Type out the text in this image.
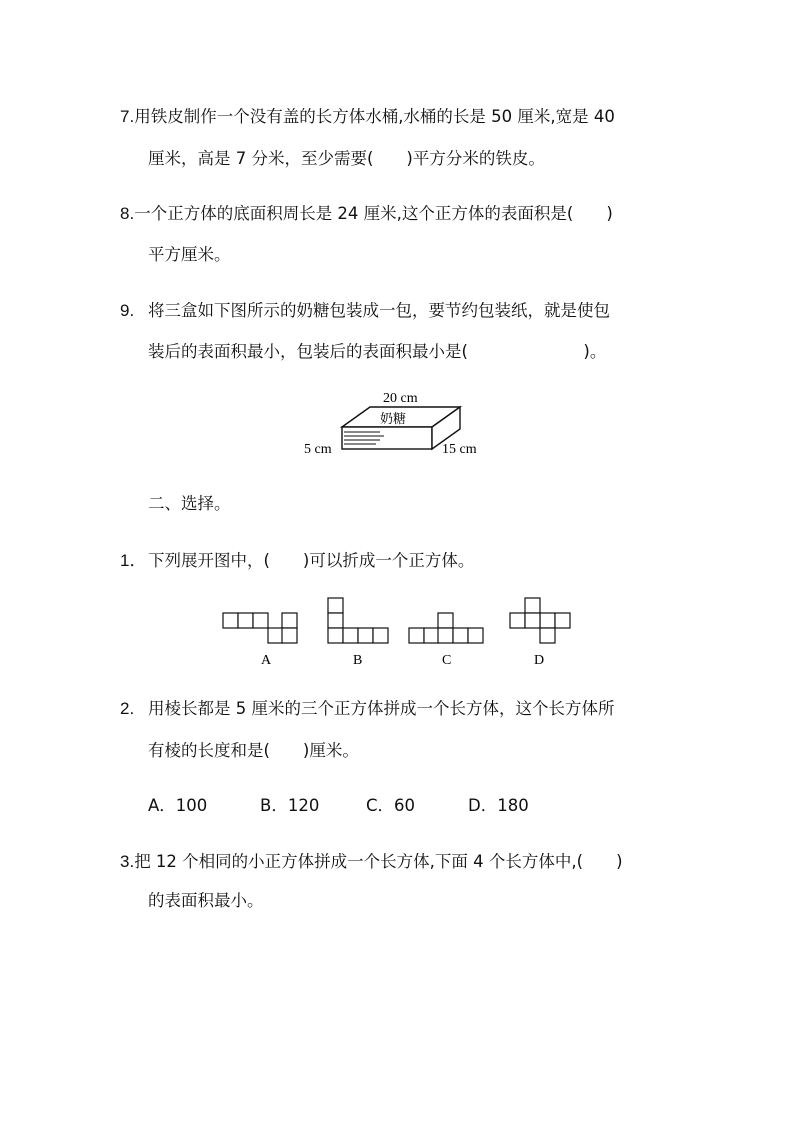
7.用铁皮制作一个没有盖的长方体水桶,水桶的长是 50 厘米,宽是 40
厘米，高是 7 分米，至少需要(　　)平方分米的铁皮。
8.一个正方体的底面积周长是 24 厘米,这个正方体的表面积是(　　)
平方厘米。
9. 将三盒如下图所示的奶糖包装成一包，要节约包装纸，就是使包
装后的表面积最小，包装后的表面积最小是(　　　　　　　)。
20 cm
奶糖
5 cm	15 cm
二、选择。
1．下列展开图中，(　　)可以折成一个正方体。
A	B	C	D
2. 用棱长都是 5 厘米的三个正方体拼成一个长方体，这个长方体所
有棱的长度和是(　　)厘米。
A．100	B．120	C．60	D．180
3.把 12 个相同的小正方体拼成一个长方体,下面 4 个长方体中,(　　)
的表面积最小。
